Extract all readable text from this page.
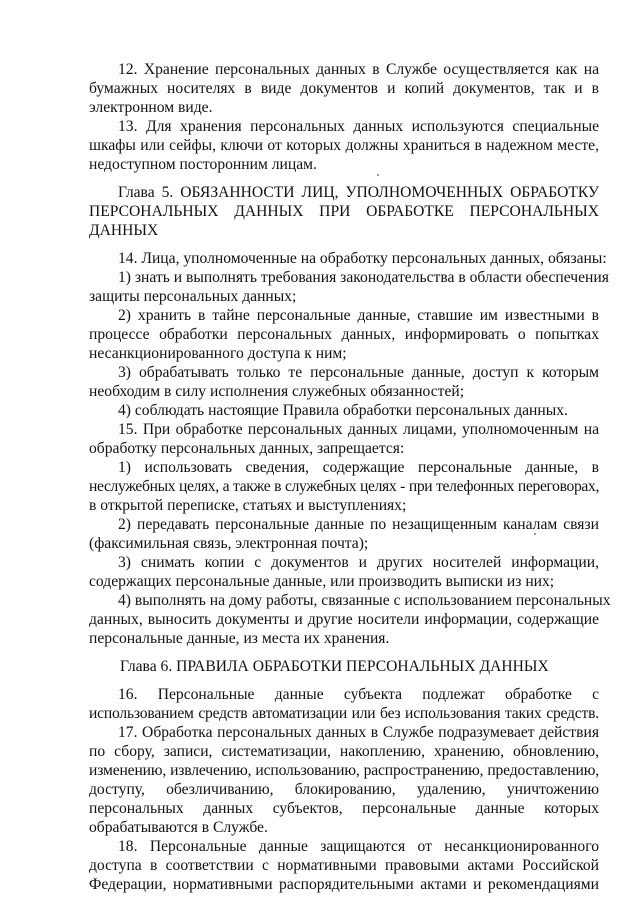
12. Хранение персональных данных в Службе осуществляется как на
бумажных носителях в виде документов и копий документов, так и в
электронном виде.
13. Для хранения персональных данных используются специальные
шкафы или сейфы, ключи от которых должны храниться в надежном месте,
недоступном посторонним лицам.
Глава 5. ОБЯЗАННОСТИ ЛИЦ, УПОЛНОМОЧЕННЫХ ОБРАБОТКУ
ПЕРСОНАЛЬНЫХ ДАННЫХ ПРИ ОБРАБОТКЕ ПЕРСОНАЛЬНЫХ
ДАННЫХ
14. Лица, уполномоченные на обработку персональных данных, обязаны:
1) знать и выполнять требования законодательства в области обеспечения
защиты персональных данных;
2) хранить в тайне персональные данные, ставшие им известными в
процессе обработки персональных данных, информировать о попытках
несанкционированного доступа к ним;
3) обрабатывать только те персональные данные, доступ к которым
необходим в силу исполнения служебных обязанностей;
4) соблюдать настоящие Правила обработки персональных данных.
15. При обработке персональных данных лицами, уполномоченным на
обработку персональных данных, запрещается:
1) использовать сведения, содержащие персональные данные, в
неслужебных целях, а также в служебных целях - при телефонных переговорах,
в открытой переписке, статьях и выступлениях;
2) передавать персональные данные по незащищенным каналам связи
(факсимильная связь, электронная почта);
3) снимать копии с документов и других носителей информации,
содержащих персональные данные, или производить выписки из них;
4) выполнять на дому работы, связанные с использованием персональных
данных, выносить документы и другие носители информации, содержащие
персональные данные, из места их хранения.
Глава 6. ПРАВИЛА ОБРАБОТКИ ПЕРСОНАЛЬНЫХ ДАННЫХ
16. Персональные данные субъекта подлежат обработке с
использованием средств автоматизации или без использования таких средств.
17. Обработка персональных данных в Службе подразумевает действия
по сбору, записи, систематизации, накоплению, хранению, обновлению,
изменению, извлечению, использованию, распространению, предоставлению,
доступу, обезличиванию, блокированию, удалению, уничтожению
персональных данных субъектов, персональные данные которых
обрабатываются в Службе.
18. Персональные данные защищаются от несанкционированного
доступа в соответствии с нормативными правовыми актами Российской
Федерации, нормативными распорядительными актами и рекомендациями
